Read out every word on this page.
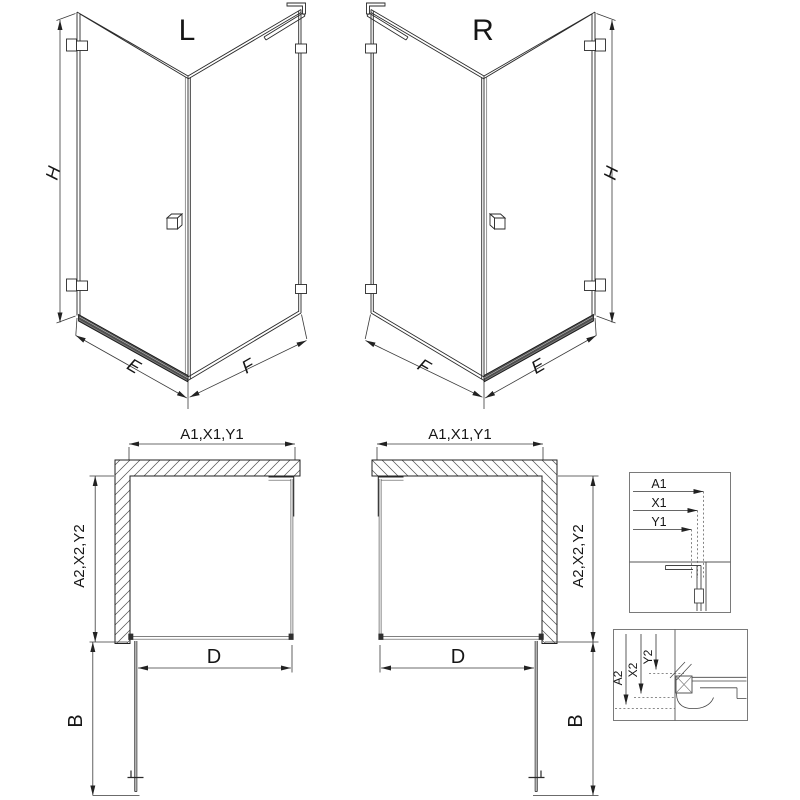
L
H
E	F
R
H
F	E
A1,X1,Y1
A2,X2,Y2
D
B
A1,X1,Y1
A2,X2,Y2
D
B
A1
X1
Y1
A2
X2
Y2
